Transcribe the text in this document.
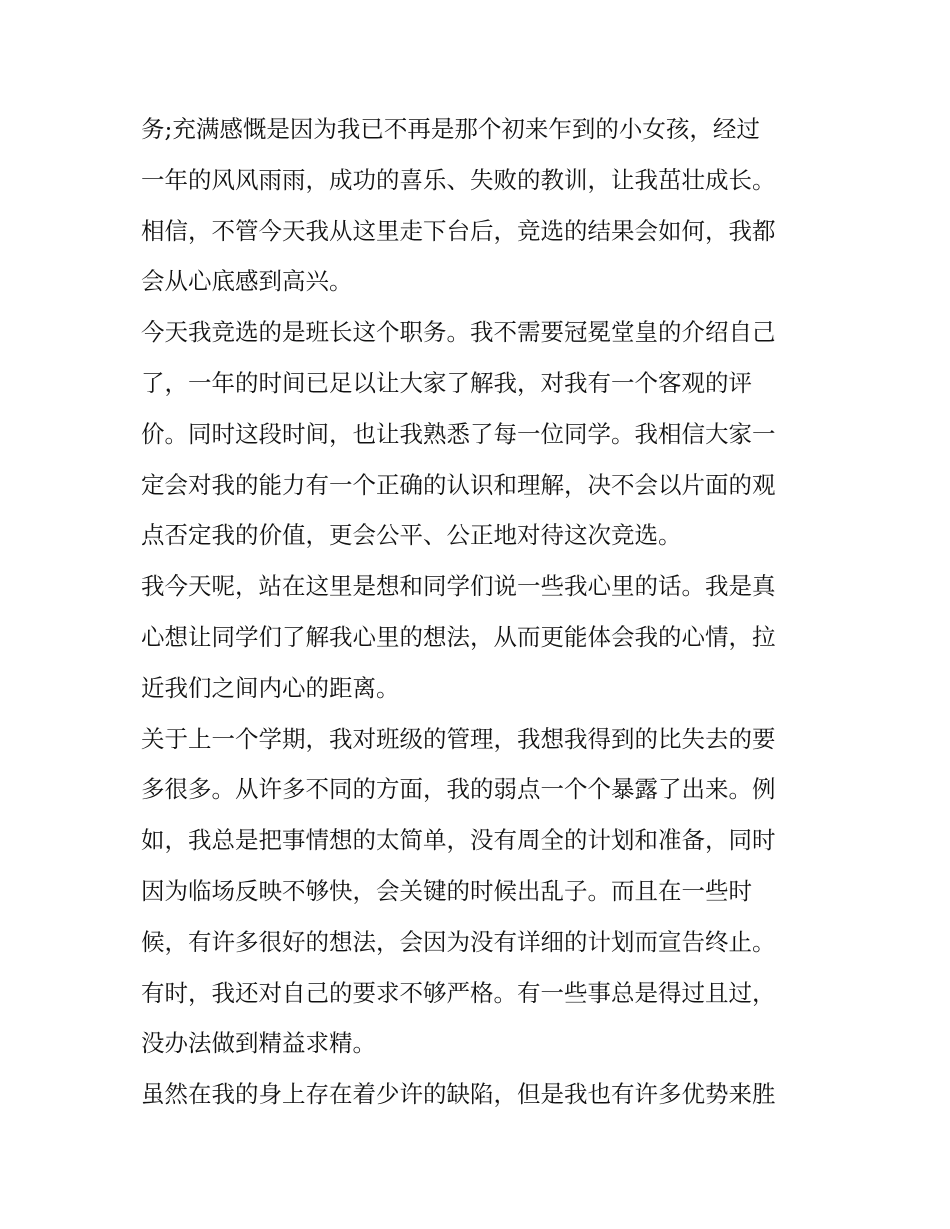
务;充满感慨是因为我已不再是那个初来乍到的小女孩，经过
一年的风风雨雨，成功的喜乐、失败的教训，让我茁壮成长。
相信，不管今天我从这里走下台后，竞选的结果会如何，我都
会从心底感到高兴。
今天我竞选的是班长这个职务。我不需要冠冕堂皇的介绍自己
了，一年的时间已足以让大家了解我，对我有一个客观的评
价。同时这段时间，也让我熟悉了每一位同学。我相信大家一
定会对我的能力有一个正确的认识和理解，决不会以片面的观
点否定我的价值，更会公平、公正地对待这次竞选。
我今天呢，站在这里是想和同学们说一些我心里的话。我是真
心想让同学们了解我心里的想法，从而更能体会我的心情，拉
近我们之间内心的距离。
关于上一个学期，我对班级的管理，我想我得到的比失去的要
多很多。从许多不同的方面，我的弱点一个个暴露了出来。例
如，我总是把事情想的太简单，没有周全的计划和准备，同时
因为临场反映不够快，会关键的时候出乱子。而且在一些时
候，有许多很好的想法，会因为没有详细的计划而宣告终止。
有时，我还对自己的要求不够严格。有一些事总是得过且过，
没办法做到精益求精。
虽然在我的身上存在着少许的缺陷，但是我也有许多优势来胜
